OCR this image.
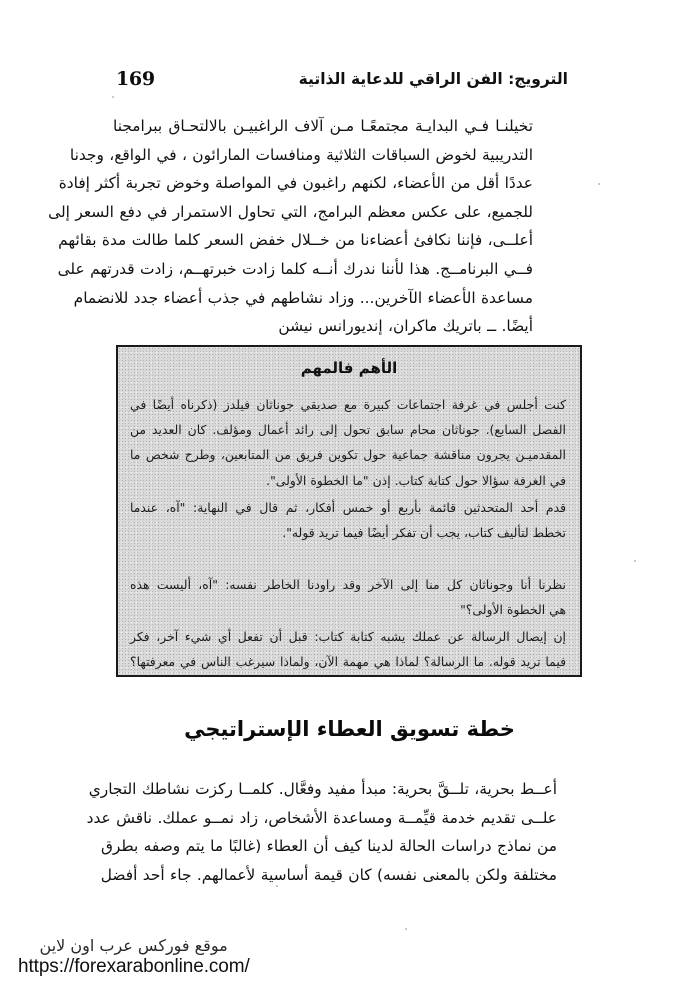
169	الترويج: الفن الراقي للدعاية الذاتية
تخيلنـا فـي البدايـة مجتمعًـا مـن آلاف الراغبيـن بالالتحـاق ببرامجنا
التدريبية لخوض السباقات الثلاثية ومنافسات المارائون ، في الواقع، وجدنا
عددًا أقل من الأعضاء، لكنهم راغبون في المواصلة وخوض تجربة أكثر إفادة
للجميع، على عكس معظم البرامج، التي تحاول الاستمرار في دفع السعر إلى
أعلــى، فإننا نكافئ أعضاءنا من خــلال خفض السعر كلما طالت مدة بقائهم
فــي البرنامــج. هذا لأننا ندرك أنــه كلما زادت خبرتهــم، زادت قدرتهم على
مساعدة الأعضاء الآخرين... وزاد نشاطهم في جذب أعضاء جدد للانضمام
أيضًا. ــ باتريك ماكران، إنديورانس نيشن
الأهم فالمهم
كنت أجلس في غرفة اجتماعات كبيرة مع صديقي جوناثان فيلدز (ذكرناه أيضًا في
الفصل السابع). جوناثان محام سابق تحول إلى رائد أعمال ومؤلف. كان العديد من
المقدميـن يجرون مناقشة جماعية حول تكوين فريق من المتابعين، وطرح شخص ما
في الغرفة سؤالا حول كتابة كتاب. إذن "ما الخطوة الأولى".
قدم أحد المتحدثين قائمة بأربع أو خمس أفكار، ثم قال في النهاية: "آه، عندما
تخطط لتأليف كتاب، يجب أن تفكر أيضًا فيما تريد قوله".
نظرنا أنا وجوناثان كل منا إلى الآخر وقد راودنا الخاطر نفسه: "آه، أليست هذه
هي الخطوة الأولى؟"
إن إيصال الرسالة عن عملك يشبه كتابة كتاب: قبل أن تفعل أي شيء آخر، فكر
فيما تريد قوله. ما الرسالة؟ لماذا هي مهمة الآن، ولماذا سيرغب الناس في معرفتها؟
خطة تسويق العطاء الإستراتيجي
أعــط بحرية، تلــقَّ بحرية: مبدأ مفيد وفعَّال. كلمــا ركزت نشاطك التجاري
علــى تقديم خدمة قيِّمــة ومساعدة الأشخاص، زاد نمــو عملك. ناقش عدد
من نماذج دراسات الحالة لدينا كيف أن العطاء (غالبًا ما يتم وصفه بطرق
مختلفة ولكن بالمعنى نفسه) كان قيمة أساسية لأعمالهم. جاء أحد أفضل
موقع فوركس عرب اون لاين
https://forexarabonline.com/
